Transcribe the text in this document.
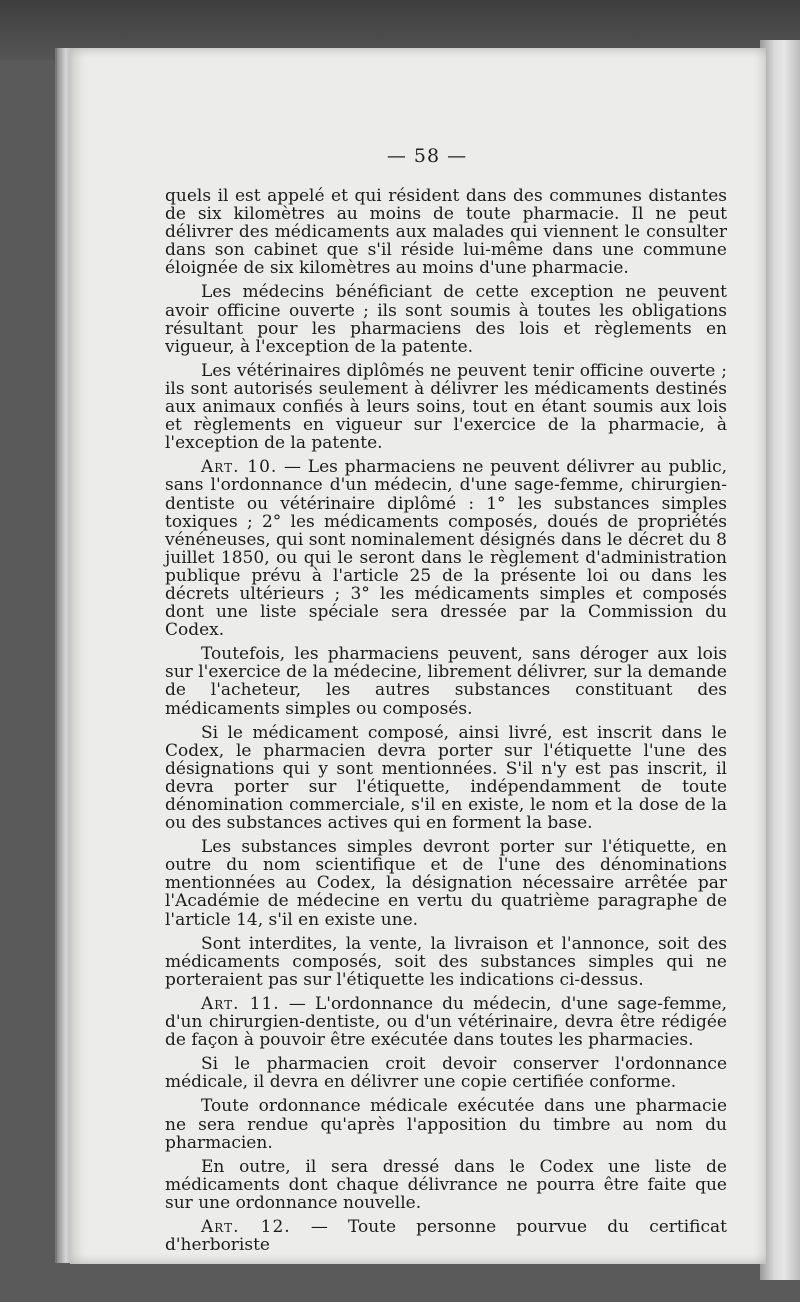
— 58 —

quels il est appelé et qui résident dans des communes distantes de six kilomètres au moins de toute pharmacie. Il ne peut délivrer des médicaments aux malades qui viennent le consulter dans son cabinet que s'il réside lui-même dans une commune éloignée de six kilomètres au moins d'une pharmacie.

Les médecins bénéficiant de cette exception ne peuvent avoir officine ouverte ; ils sont soumis à toutes les obligations résultant pour les pharmaciens des lois et règlements en vigueur, à l'exception de la patente.

Les vétérinaires diplômés ne peuvent tenir officine ouverte ; ils sont autorisés seulement à délivrer les médicaments destinés aux animaux confiés à leurs soins, tout en étant soumis aux lois et règlements en vigueur sur l'exercice de la pharmacie, à l'exception de la patente.

Art. 10. — Les pharmaciens ne peuvent délivrer au public, sans l'ordonnance d'un médecin, d'une sage-femme, chirurgien-dentiste ou vétérinaire diplômé : 1° les substances simples toxiques ; 2° les médicaments composés, doués de propriétés vénéneuses, qui sont nominalement désignés dans le décret du 8 juillet 1850, ou qui le seront dans le règlement d'administration publique prévu à l'article 25 de la présente loi ou dans les décrets ultérieurs ; 3° les médicaments simples et composés dont une liste spéciale sera dressée par la Commission du Codex.

Toutefois, les pharmaciens peuvent, sans déroger aux lois sur l'exercice de la médecine, librement délivrer, sur la demande de l'acheteur, les autres substances constituant des médicaments simples ou composés.

Si le médicament composé, ainsi livré, est inscrit dans le Codex, le pharmacien devra porter sur l'étiquette l'une des désignations qui y sont mentionnées. S'il n'y est pas inscrit, il devra porter sur l'étiquette, indépendamment de toute dénomination commerciale, s'il en existe, le nom et la dose de la ou des substances actives qui en forment la base.

Les substances simples devront porter sur l'étiquette, en outre du nom scientifique et de l'une des dénominations mentionnées au Codex, la désignation nécessaire arrêtée par l'Académie de médecine en vertu du quatrième paragraphe de l'article 14, s'il en existe une.

Sont interdites, la vente, la livraison et l'annonce, soit des médicaments composés, soit des substances simples qui ne porteraient pas sur l'étiquette les indications ci-dessus.

Art. 11. — L'ordonnance du médecin, d'une sage-femme, d'un chirurgien-dentiste, ou d'un vétérinaire, devra être rédigée de façon à pouvoir être exécutée dans toutes les pharmacies.

Si le pharmacien croit devoir conserver l'ordonnance médicale, il devra en délivrer une copie certifiée conforme.

Toute ordonnance médicale exécutée dans une pharmacie ne sera rendue qu'après l'apposition du timbre au nom du pharmacien.

En outre, il sera dressé dans le Codex une liste de médicaments dont chaque délivrance ne pourra être faite que sur une ordonnance nouvelle.

Art. 12. — Toute personne pourvue du certificat d'herboriste
